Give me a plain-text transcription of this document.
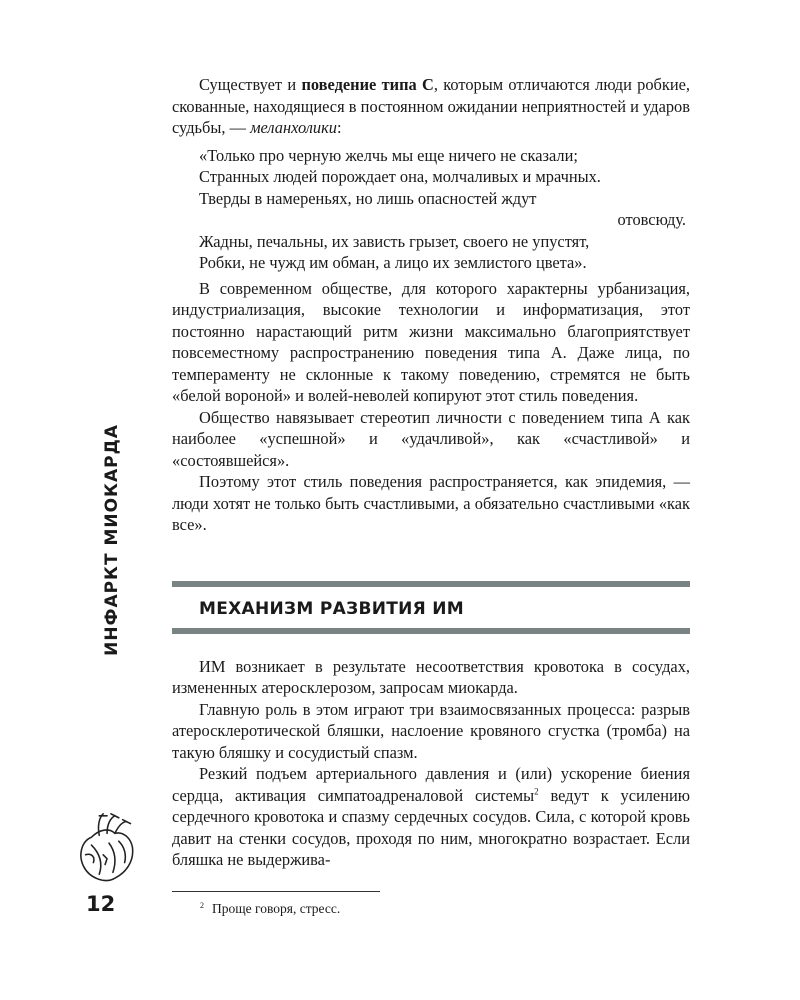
ИНФАРКТ МИОКАРДА
12

Существует и поведение типа С, которым отличаются люди робкие, скованные, находящиеся в постоянном ожидании неприятностей и ударов судьбы, — меланхолики:

«Только про черную желчь мы еще ничего не сказали;
Странных людей порождает она, молчаливых и мрачных.
Тверды в намереньях, но лишь опасностей ждут
отовсюду.
Жадны, печальны, их зависть грызет, своего не упустят,
Робки, не чужд им обман, а лицо их землистого цвета».

В современном обществе, для которого характерны урбанизация, индустриализация, высокие технологии и информатизация, этот постоянно нарастающий ритм жизни максимально благоприятствует повсеместному распространению поведения типа А. Даже лица, по темпераменту не склонные к такому поведению, стремятся не быть «белой вороной» и волей-неволей копируют этот стиль поведения.

Общество навязывает стереотип личности с поведением типа А как наиболее «успешной» и «удачливой», как «счастливой» и «состоявшейся».

Поэтому этот стиль поведения распространяется, как эпидемия, — люди хотят не только быть счастливыми, а обязательно счастливыми «как все».

МЕХАНИЗМ РАЗВИТИЯ ИМ

ИМ возникает в результате несоответствия кровотока в сосудах, измененных атеросклерозом, запросам миокарда.

Главную роль в этом играют три взаимосвязанных процесса: разрыв атеросклеротической бляшки, наслоение кровяного сгустка (тромба) на такую бляшку и сосудистый спазм.

Резкий подъем артериального давления и (или) ускорение биения сердца, активация симпатоадреналовой системы$^2$ ведут к усилению сердечного кровотока и спазму сердечных сосудов. Сила, с которой кровь давит на стенки сосудов, проходя по ним, многократно возрастает. Если бляшка не выдержива-

$^2$ Проще говоря, стресс.
